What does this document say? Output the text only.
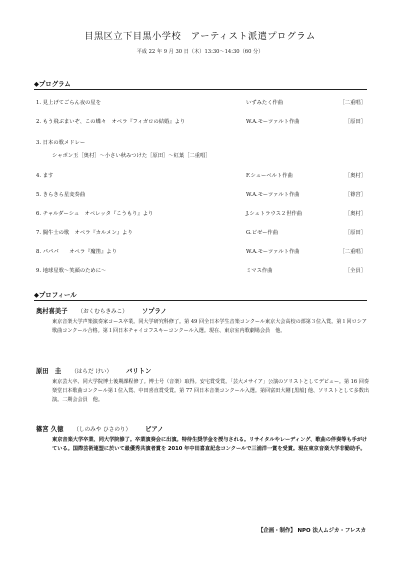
目黒区立下目黒小学校　アーティスト派遣プログラム
平成 22 年 9 月 30 日（木）13:30～14:30（60 分）
◆プログラム
1. 見上げてごらん夜の星を	いずみたく作曲	［二重唱］
2. もう飛ぶまいぞ、この蝶々　オペラ『フィガロの結婚』より	W.A.モーツァルト作曲	［原田］
3. 日本の歌メドレー
シャボン玉［奥村］～小さい秋みつけた［原田］～紅葉［二重唱］
4. ます	F.シューベルト作曲	［奥村］
5. きらきら星変奏曲	W.A.モーツァルト作曲	［篠宮］
6. チャルダーシュ　オペレッタ『こうもり』より	J.シュトラウス２世作曲	［奥村］
7. 闘牛士の歌　オペラ『カルメン』より	G.ビゼー作曲	［原田］
8. パパパ　　オペラ『魔笛』より	W.A.モーツァルト作曲	［二重唱］
9. 地球星歌～笑顔のために～	ミマス作曲	［全員］
◆プロフィール
奥村喜美子 （おくむらきみこ） ソプラノ
東京音楽大学声楽演奏家コース卒業。同大学研究科修了。第 49 回全日本学生音楽コンクール東京大会高校の部第３位入賞。第１回ロシア歌曲コンクール合格。第１回日本チャイコフスキーコンクール入選。現在、東京室内歌劇場会員　他。
原田　圭 （はらだ けい） バリトン
東京芸大卒、同大学院博士後期課程修了。博士号（音楽）取得。安宅賞受賞。「芸大メサイア」公演のソリストとしてデビュー。第 16 回奏楽堂日本歌曲コンクール第１位入賞、中田喜直賞受賞。第 77 回日本音楽コンクール入選。第回富田大剛 [黒船] 他、ソリストとして多数出演。二期会会員　他。
篠宮 久徳 （しのみや ひさのり） ピアノ
東京音楽大学卒業、同大学院修了。卒業演奏会に出演。特待生奨学金を授与される。リサイタルやレーディング、歌曲の伴奏等も手がけている。国際芸術連盟に於いて最優秀共演者賞を 2010 年中田喜直記念コンクールで三浦洋一賞を受賞。現在東京音楽大学非勤助手。
【企画・制作】 NPO 法人ムジカ・フレスカ
